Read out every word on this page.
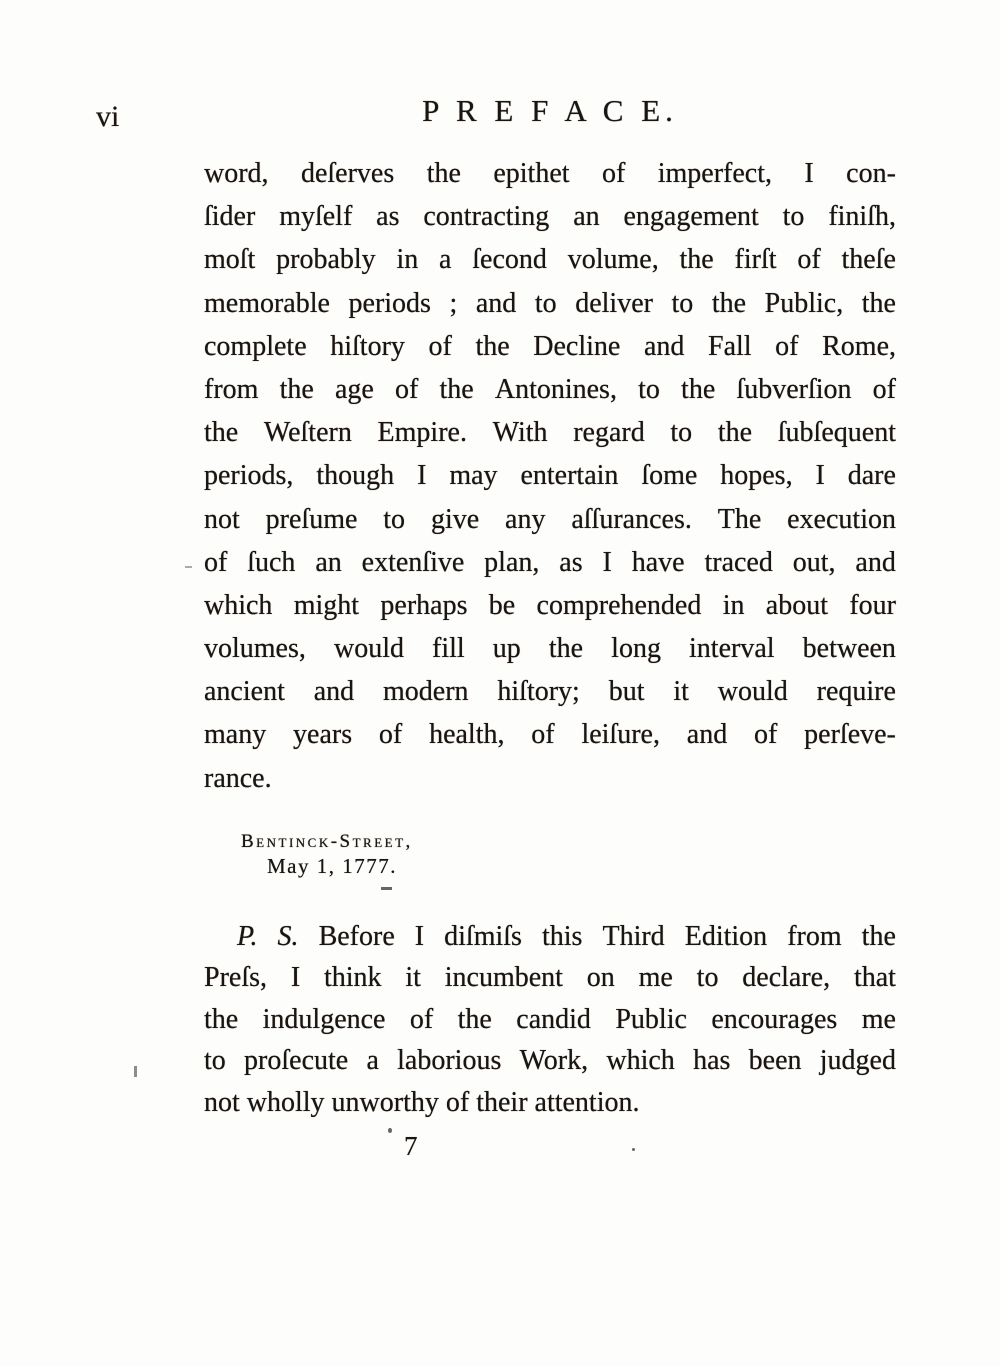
vi	P R E F A C E.
word, deſerves the epithet of imperfect, I con-
ſider myſelf as contracting an engagement to finiſh,
moſt probably in a ſecond volume, the firſt of theſe
memorable periods ; and to deliver to the Public, the
complete hiſtory of the Decline and Fall of Rome,
from the age of the Antonines, to the ſubverſion of
the Weſtern Empire. With regard to the ſubſequent
periods, though I may entertain ſome hopes, I dare
not preſume to give any aſſurances. The execution
of ſuch an extenſive plan, as I have traced out, and
which might perhaps be comprehended in about four
volumes, would fill up the long interval between
ancient and modern hiſtory; but it would require
many years of health, of leiſure, and of perſeve-
rance.
Bentinck-Street,
May 1, 1777.
P. S. Before I diſmiſs this Third Edition from the
Preſs, I think it incumbent on me to declare, that
the indulgence of the candid Public encourages me
to proſecute a laborious Work, which has been judged
not wholly unworthy of their attention.
7
